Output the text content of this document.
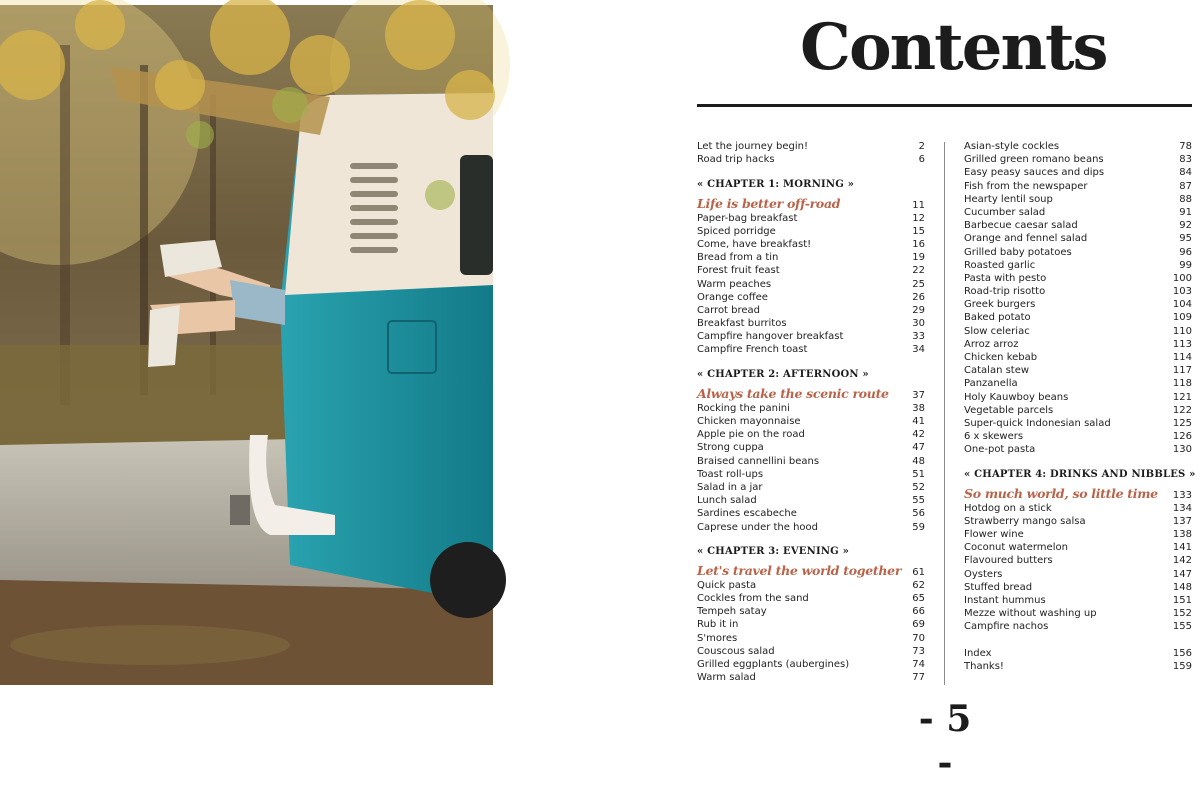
Contents
Let the journey begin!	2
Road trip hacks	6
« CHAPTER 1: MORNING »
Life is better off-road	11
Paper-bag breakfast	12
Spiced porridge	15
Come, have breakfast!	16
Bread from a tin	19
Forest fruit feast	22
Warm peaches	25
Orange coffee	26
Carrot bread	29
Breakfast burritos	30
Campfire hangover breakfast	33
Campfire French toast	34
« CHAPTER 2: AFTERNOON »
Always take the scenic route 37
Rocking the panini	38
Chicken mayonnaise	41
Apple pie on the road	42
Strong cuppa	47
Braised cannellini beans	48
Toast roll-ups	51
Salad in a jar	52
Lunch salad	55
Sardines escabeche	56
Caprese under the hood	59
« CHAPTER 3: EVENING »
Let's travel the world together 61
Quick pasta	62
Cockles from the sand	65
Tempeh satay	66
Rub it in	69
S'mores	70
Couscous salad	73
Grilled eggplants (aubergines)	74
Warm salad	77
Asian-style cockles	78
Grilled green romano beans	83
Easy peasy sauces and dips	84
Fish from the newspaper	87
Hearty lentil soup	88
Cucumber salad	91
Barbecue caesar salad	92
Orange and fennel salad	95
Grilled baby potatoes	96
Roasted garlic	99
Pasta with pesto	100
Road-trip risotto	103
Greek burgers	104
Baked potato	109
Slow celeriac	110
Arroz arroz	113
Chicken kebab	114
Catalan stew	117
Panzanella	118
Holy Kauwboy beans	121
Vegetable parcels	122
Super-quick Indonesian salad	125
6 x skewers	126
One-pot pasta	130
« CHAPTER 4: DRINKS AND NIBBLES »
So much world, so little time 133
Hotdog on a stick	134
Strawberry mango salsa	137
Flower wine	138
Coconut watermelon	141
Flavoured butters	142
Oysters	147
Stuffed bread	148
Instant hummus	151
Mezze without washing up	152
Campfire nachos	155
Index	156
Thanks!	159
- 5 -
